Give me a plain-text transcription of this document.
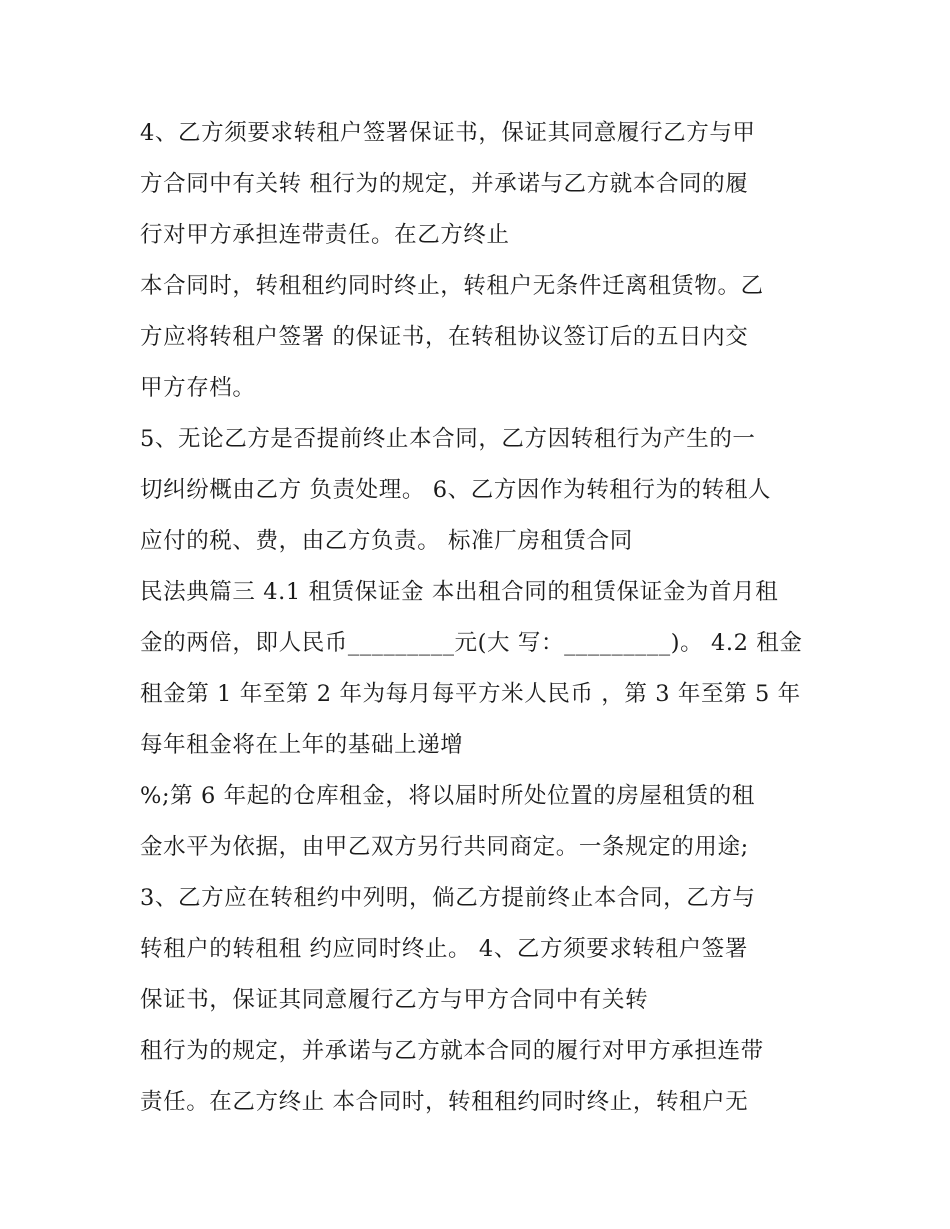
4、乙方须要求转租户签署保证书，保证其同意履行乙方与甲
方合同中有关转 租行为的规定，并承诺与乙方就本合同的履
行对甲方承担连带责任。在乙方终止
本合同时，转租租约同时终止，转租户无条件迁离租赁物。乙
方应将转租户签署 的保证书，在转租协议签订后的五日内交
甲方存档。
5、无论乙方是否提前终止本合同，乙方因转租行为产生的一
切纠纷概由乙方 负责处理。 6、乙方因作为转租行为的转租人
应付的税、费，由乙方负责。 标准厂房租赁合同
民法典篇三 4.1 租赁保证金 本出租合同的租赁保证金为首月租
金的两倍，即人民币_________元(大 写：_________)。 4.2 租金
租金第 1 年至第 2 年为每月每平方米人民币 ，第 3 年至第 5 年
每年租金将在上年的基础上递增
%;第 6 年起的仓库租金，将以届时所处位置的房屋租赁的租
金水平为依据，由甲乙双方另行共同商定。一条规定的用途;
3、乙方应在转租约中列明，倘乙方提前终止本合同，乙方与
转租户的转租租 约应同时终止。 4、乙方须要求转租户签署
保证书，保证其同意履行乙方与甲方合同中有关转
租行为的规定，并承诺与乙方就本合同的履行对甲方承担连带
责任。在乙方终止 本合同时，转租租约同时终止，转租户无
